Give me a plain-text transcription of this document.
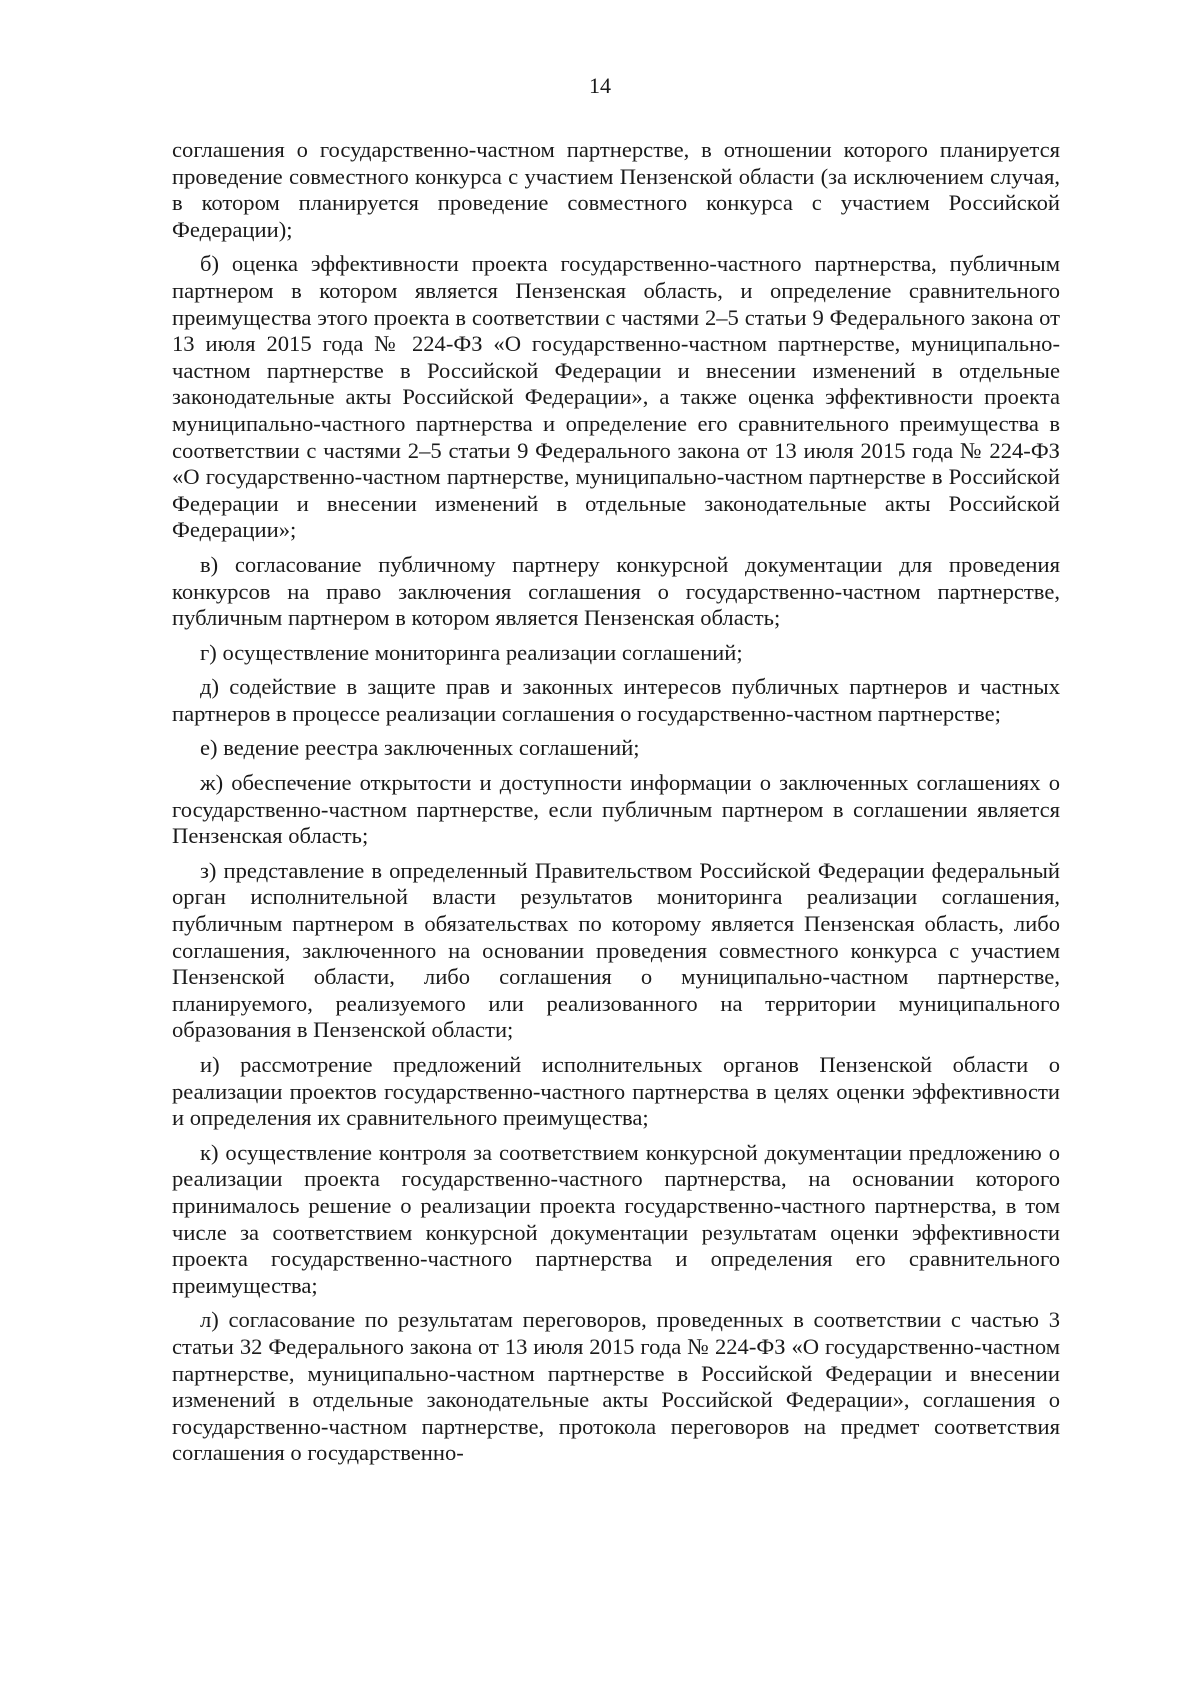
14

соглашения о государственно-частном партнерстве, в отношении которого планируется проведение совместного конкурса с участием Пензенской области (за исключением случая, в котором планируется проведение совместного конкурса с участием Российской Федерации);

б) оценка эффективности проекта государственно-частного партнерства, публичным партнером в котором является Пензенская область, и определение сравнительного преимущества этого проекта в соответствии с частями 2–5 статьи 9 Федерального закона от 13 июля 2015 года № 224-ФЗ «О государственно-частном партнерстве, муниципально-частном партнерстве в Российской Федерации и внесении изменений в отдельные законодательные акты Российской Федерации», а также оценка эффективности проекта муниципально-частного партнерства и определение его сравнительного преимущества в соответствии с частями 2–5 статьи 9 Федерального закона от 13 июля 2015 года № 224-ФЗ «О государственно-частном партнерстве, муниципально-частном партнерстве в Российской Федерации и внесении изменений в отдельные законодательные акты Российской Федерации»;

в) согласование публичному партнеру конкурсной документации для проведения конкурсов на право заключения соглашения о государственно-частном партнерстве, публичным партнером в котором является Пензенская область;

г) осуществление мониторинга реализации соглашений;

д) содействие в защите прав и законных интересов публичных партнеров и частных партнеров в процессе реализации соглашения о государственно-частном партнерстве;

е) ведение реестра заключенных соглашений;

ж) обеспечение открытости и доступности информации о заключенных соглашениях о государственно-частном партнерстве, если публичным партнером в соглашении является Пензенская область;

з) представление в определенный Правительством Российской Федерации федеральный орган исполнительной власти результатов мониторинга реализации соглашения, публичным партнером в обязательствах по которому является Пензенская область, либо соглашения, заключенного на основании проведения совместного конкурса с участием Пензенской области, либо соглашения о муниципально-частном партнерстве, планируемого, реализуемого или реализованного на территории муниципального образования в Пензенской области;

и) рассмотрение предложений исполнительных органов Пензенской области о реализации проектов государственно-частного партнерства в целях оценки эффективности и определения их сравнительного преимущества;

к) осуществление контроля за соответствием конкурсной документации предложению о реализации проекта государственно-частного партнерства, на основании которого принималось решение о реализации проекта государственно-частного партнерства, в том числе за соответствием конкурсной документации результатам оценки эффективности проекта государственно-частного партнерства и определения его сравнительного преимущества;

л) согласование по результатам переговоров, проведенных в соответствии с частью 3 статьи 32 Федерального закона от 13 июля 2015 года № 224-ФЗ «О государственно-частном партнерстве, муниципально-частном партнерстве в Российской Федерации и внесении изменений в отдельные законодательные акты Российской Федерации», соглашения о государственно-частном партнерстве, протокола переговоров на предмет соответствия соглашения о государственно-
